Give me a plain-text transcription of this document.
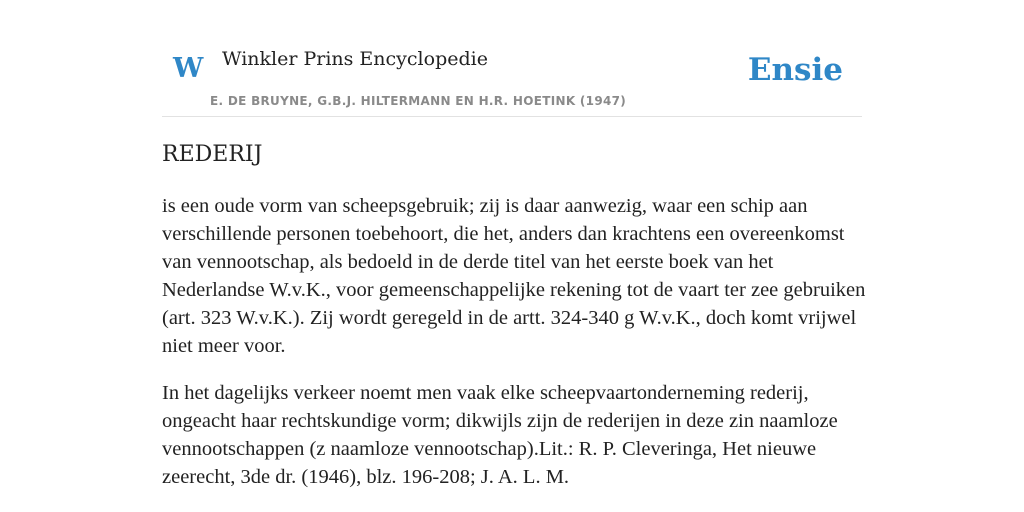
W Winkler Prins Encyclopedie
E. DE BRUYNE, G.B.J. HILTERMANN EN H.R. HOETINK (1947)
Ensie
REDERIJ

is een oude vorm van scheepsgebruik; zij is daar aanwezig, waar een schip aan verschillende personen toebehoort, die het, anders dan krachtens een overeenkomst van vennootschap, als bedoeld in de derde titel van het eerste boek van het Nederlandse W.v.K., voor gemeenschappelijke rekening tot de vaart ter zee gebruiken (art. 323 W.v.K.). Zij wordt geregeld in de artt. 324-340 g W.v.K., doch komt vrijwel niet meer voor.

In het dagelijks verkeer noemt men vaak elke scheepvaartonderneming rederij, ongeacht haar rechtskundige vorm; dikwijls zijn de rederijen in deze zin naamloze vennootschappen (z naamloze vennootschap).Lit.: R. P. Cleveringa, Het nieuwe zeerecht, 3de dr. (1946), blz. 196-208; J. A. L. M.
